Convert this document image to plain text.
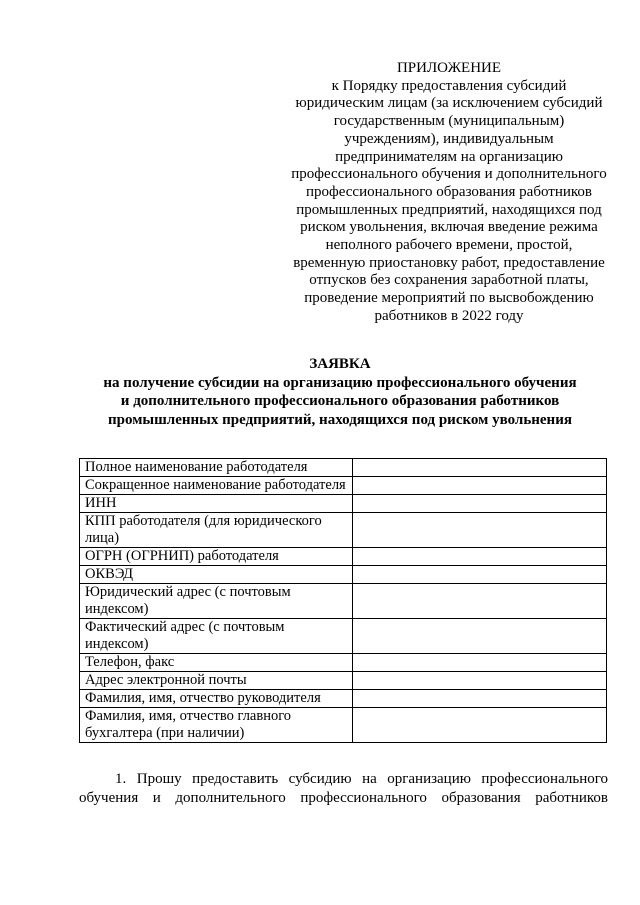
ПРИЛОЖЕНИЕ
к Порядку предоставления субсидий
юридическим лицам (за исключением субсидий
государственным (муниципальным)
учреждениям), индивидуальным
предпринимателям на организацию
профессионального обучения и дополнительного
профессионального образования работников
промышленных предприятий, находящихся под
риском увольнения, включая введение режима
неполного рабочего времени, простой,
временную приостановку работ, предоставление
отпусков без сохранения заработной платы,
проведение мероприятий по высвобождению
работников в 2022 году
ЗАЯВКА
на получение субсидии на организацию профессионального обучения
и дополнительного профессионального образования работников
промышленных предприятий, находящихся под риском увольнения
Полное наименование работодателя	
Сокращенное наименование работодателя	
ИНН	
КПП работодателя (для юридического лица)	
ОГРН (ОГРНИП) работодателя	
ОКВЭД	
Юридический адрес (с почтовым индексом)	
Фактический адрес (с почтовым индексом)	
Телефон, факс	
Адрес электронной почты	
Фамилия, имя, отчество руководителя	
Фамилия, имя, отчество главного бухгалтера (при наличии)	
1. Прошу предоставить субсидию на организацию профессионального
обучения и дополнительного профессионального образования работников
